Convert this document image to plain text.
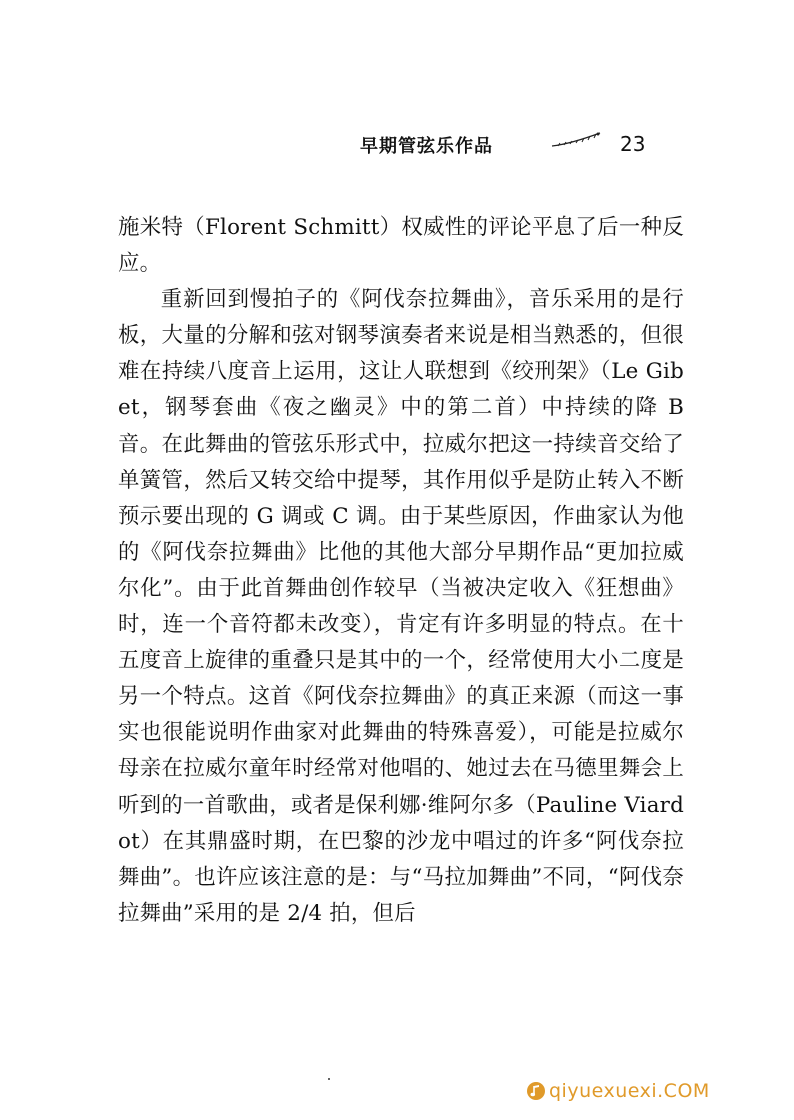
早期管弦乐作品	23

施米特（Florent Schmitt）权威性的评论平息了后一种反应。

重新回到慢拍子的《阿伐奈拉舞曲》，音乐采用的是行板，大量的分解和弦对钢琴演奏者来说是相当熟悉的，但很难在持续八度音上运用，这让人联想到《绞刑架》（Le Gibet，钢琴套曲《夜之幽灵》中的第二首）中持续的降 B 音。在此舞曲的管弦乐形式中，拉威尔把这一持续音交给了单簧管，然后又转交给中提琴，其作用似乎是防止转入不断预示要出现的 G 调或 C 调。由于某些原因，作曲家认为他的《阿伐奈拉舞曲》比他的其他大部分早期作品“更加拉威尔化”。由于此首舞曲创作较早（当被决定收入《狂想曲》时，连一个音符都未改变），肯定有许多明显的特点。在十五度音上旋律的重叠只是其中的一个，经常使用大小二度是另一个特点。这首《阿伐奈拉舞曲》的真正来源（而这一事实也很能说明作曲家对此舞曲的特殊喜爱），可能是拉威尔母亲在拉威尔童年时经常对他唱的、她过去在马德里舞会上听到的一首歌曲，或者是保利娜·维阿尔多（Pauline Viardot）在其鼎盛时期，在巴黎的沙龙中唱过的许多“阿伐奈拉舞曲”。也许应该注意的是：与“马拉加舞曲”不同，“阿伐奈拉舞曲”采用的是 2/4 拍，但后

qiyuexuexi.COM
